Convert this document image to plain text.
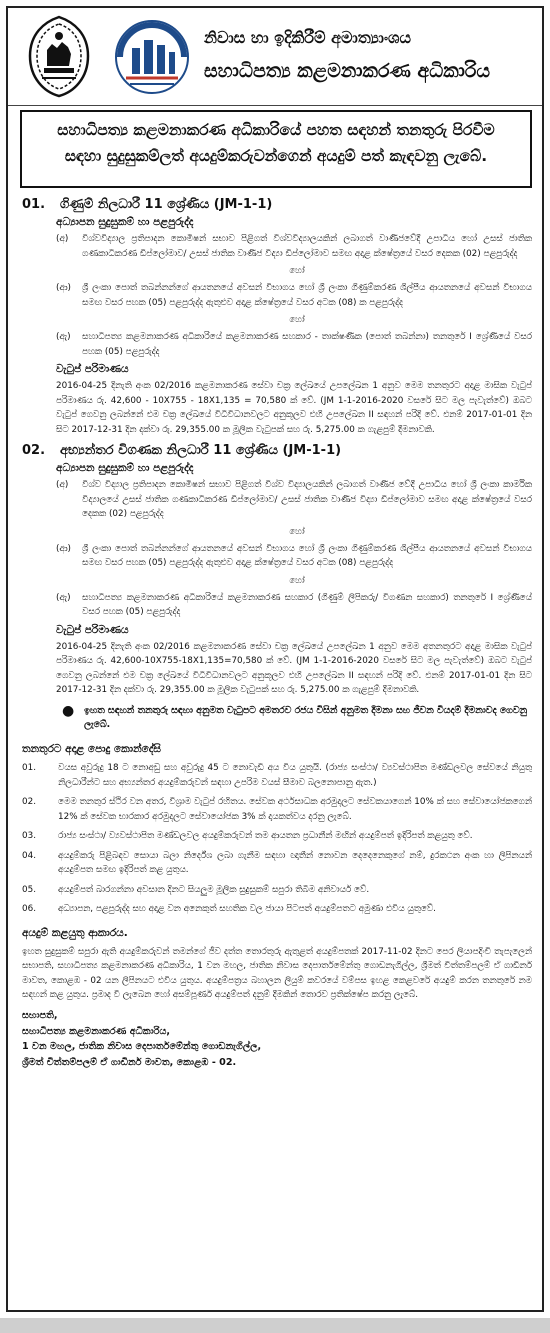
නිවාස හා ඉදිකිරීම් අමාත්‍යාංශය
සහාධිපත්‍ය කළමනාකරණ අධිකාරිය
සහාධිපත්‍ය කළමනාකරණ අධිකාරියේ පහත සඳහන් තනතුරු පිරවීම
සඳහා සුදුසුකම්ලත් අයදුම්කරුවන්ගෙන් අයදුම් පත් කැඳවනු ලැබේ.
01.	ගිණුම් නිලධාරී 11 ශ්‍රේණිය (JM-1-1)
අධ්‍යාපන සුදුසුකම් හා පළපුරුද්ද
(අ)	විශ්වවිද්‍යාල ප්‍රතිපාදන කොමිෂන් සභාව පිළිගත් විශ්වවිද්‍යාලයකින් ලබාගත් වාණිජවේදී උපාධිය හෝ උසස් ජාතික ගණකාධිකරණ ඩිප්ලෝමාව/ උසස් ජාතික වාණිජ විද්‍යා ඩිප්ලෝමාව සමඟ අදාළ ක්ෂේත්‍රයේ වසර දෙකක (02) පළපුරුද්ද
හෝ
(ආ)	ශ්‍රී ලංකා පොත් තබන්නන්ගේ ආයතනයේ අවසන් විභාගය හෝ ශ්‍රී ලංකා ගිණුම්කරණ ශිල්පීය ආයතනයේ අවසන් විභාගය සමඟ වසර පහක (05) පළපුරුද්ද ඇතුළුව අදාළ ක්ෂේත්‍රයේ වසර අටක (08) ක පළපුරුද්ද
හෝ
(ඇ)	සහාධිපත්‍ය කළමනාකරණ අධිකාරියේ කළමනාකරණ සහකාර - තාක්ෂණික (පොත් තබන්නා) තනතුරේ I ශ්‍රේණියේ වසර පහක (05) පළපුරුද්ද
වැටුප් පරිමාණය
2016-04-25 දිනැති අංක 02/2016 කළමනාකරණ සේවා චක්‍ර ලේඛයේ උපලේඛන 1 අනුව මෙම තනතුරට අදාළ මාසික වැටුප් පරිමාණය රු. 42,600 - 10X755 - 18X1,135 = 70,580 ක් වේ. (JM 1-1-2016-2020 වසරේ සිට මල පැවැත්වේ) ඔබට වැටුප් ගෙවනු ලබන්නේ එම චක්‍ර ලේඛයේ විධිවිධානවලට අනුකූලව එහි උපලේඛන II සඳහන් පරිදි වේ. එනම් 2017-01-01 දින සිට 2017-12-31 දින දක්වා රු. 29,355.00 ක මූලික වැටුපක් සහ රු. 5,275.00 ක ගැළපුම් දීමනාවකි.
02.	අභ්‍යන්තර විගණක නිලධාරී 11 ශ්‍රේණිය (JM-1-1)
අධ්‍යාපන සුදුසුකම් හා පළපුරුද්ද
(අ)	විශ්ව විද්‍යාල ප්‍රතිපාදන කොමිෂන් සභාව පිළිගත් විශ්ව විද්‍යාලයකින් ලබාගත් වාණිජ වේදී උපාධිය හෝ ශ්‍රී ලංකා කාර්මික විද්‍යාලයේ උසස් ජාතික ගණකාධිකරණ ඩිප්ලෝමාව/ උසස් ජාතික වාණිජ විද්‍යා ඩිප්ලෝමාව සමඟ අදාළ ක්ෂේත්‍රයේ වසර දෙකක (02) පළපුරුද්ද
හෝ
(ආ)	ශ්‍රී ලංකා පොත් තබන්නන්ගේ ආයතනයේ අවසන් විභාගය හෝ ශ්‍රී ලංකා ගිණුම්කරණ ශිල්පීය ආයතනයේ අවසන් විභාගය සමඟ වසර පහක (05) පළපුරුද්ද ඇතුළුව අදාළ ක්ෂේත්‍රයේ වසර අටක (08) පළපුරුද්ද
හෝ
(ඇ)	සහාධිපත්‍ය කළමනාකරණ අධිකාරියේ කළමනාකරණ සහකාර (ගිණුම් ලිපිකරු/ විගණන සහකාර) තනතුරේ I ශ්‍රේණියේ වසර පහක (05) පළපුරුද්ද
වැටුප් පරිමාණය
2016-04-25 දිනැති අංක 02/2016 කළමනාකරණ සේවා චක්‍ර ලේඛයේ උපලේඛන 1 අනුව මෙම අතනතුරට අදාළ මාසික වැටුප් පරිමාණය රු. 42,600-10X755-18X1,135=70,580 ක් වේ. (JM 1-1-2016-2020 වසරේ සිට මල පැවැත්වේ) ඔබට වැටුප් ගෙවනු ලබන්නේ එම චක්‍ර ලේඛයේ විධිවිධානවලට අනුකූලව එහි උපලේඛන II සඳහන් පරිදි වේ. එනම් 2017-01-01 දින සිට 2017-12-31 දින දක්වා රු. 29,355.00 ක මූලික වැටුපක් සහ රු. 5,275.00 ක ගැළපුම් දීමනාවකි.
●	ඉහත සඳහන් තනතුරු සඳහා අනුමත වැටුපට අමතරව රජය විසින් අනුමත දීමනා සහ ජීවන වියදම් දීමනාවද ගෙවනු ලැබේ.
තනතුරට අදාළ පොදු කොන්දේසි
01.	වයස අවුරුදු 18 ට නොඅඩු සහ අවුරුදු 45 ට නොවැඩි අය විය යුතුයි. (රාජ්‍ය සංස්ථා/ ව්‍යවස්ථාපිත මණ්ඩලවල සේවයේ නියුතු නිලධාරීන්ට සහ අභ්‍යන්තර අයදුම්කරුවන් සඳහා උපරිම වයස් සීමාව බලනොපානු ඇත.)
02.	මෙම තනතුර ස්ථිර වන අතර, විශ්‍රාම වැටුප් රහිතය. සේවක අර්ථසාධක අරමුදලට සේවකයාගෙන් 10% ක් සහ සේවායෝජකගෙන් 12% ක් සේවක භාරකාර අරමුදලට සේවායෝජක 3% ක් දායකත්වය දරනු ලැබේ.
03.	රාජ්‍ය සංස්ථා/ ව්‍යවස්ථාපිත මණ්ඩලවල අයදුම්කරුවන් තම ආයතන ප්‍රධානීන් මඟින් අයදුම්පත් ඉදිරිපත් කළයුතු වේ.
04.	අයදුම්කරු පිළිබඳව සොයා බලා නිර්දේශ ලබා ගැනීම සඳහා ඥාතීන් නොවන දෙදෙනෙකුගේ නම්, දුරකථන අංක හා ලිපිනයන් අයදුම්පත සමඟ ඉදිරිපත් කළ යුතුය.
05.	අයදුම්පත් බාරගන්නා අවසාන දිනට සියලුම මූලික සුදුසුකම් සපුරා තිබීම අනිවාර්ය වේ.
06.	අධ්‍යාපන, පළපුරුද්ද සහ අදාළ වන අනෙකුත් සහතික වල ජායා පිටපත් අයදුම්පතට අමුණා එවිය යුතුවේ.
අයදුම් කළයුතු ආකාරය.
ඉහත සුදුසුකම් සපුරා ඇති අයදුම්කරුවන් තමන්ගේ ජීව දත්ත තොරතුරු ඇතුළත් අයදුම්පතක් 2017-11-02 දිනට පෙර ලියාපදිංචි තැපැලෙන් සභාපති, සහාධිපත්‍ය කළමනාකරණ අධිකාරිය, 1 වන මහල, ජාතික නිවාස දෙපාර්තමේන්තු ගොඩනැගිල්ල, ශ්‍රීමත් චිත්තම්පලම් ඒ ගාඩිනර් මාවත, කොළඹ - 02 යන ලිපිනයට එවිය යුතුය. අයදුම්පත්‍රය බහාලන ලියුම් කවරයේ වම්පස ඉහළ කෙළවරේ අයදුම් කරන තනතුරේ නම සඳහන් කළ යුතුය. ප්‍රමාද වී ලැබෙන හෝ අසම්පූර්ණ අයදුම්පත් දනුම් දීමකින් තොරව ප්‍රතික්ෂේප කරනු ලැබේ.
සභාපති,
සහාධිපත්‍ය කළමනාකරණ අධිකාරිය,
1 වන මහල, ජාතික නිවාස දෙපාර්තමේන්තු ගොඩනැගිල්ල,
ශ්‍රීමත් චිත්තම්පලම් ඒ ගාඩිනර් මාවත, කොළඹ - 02.
